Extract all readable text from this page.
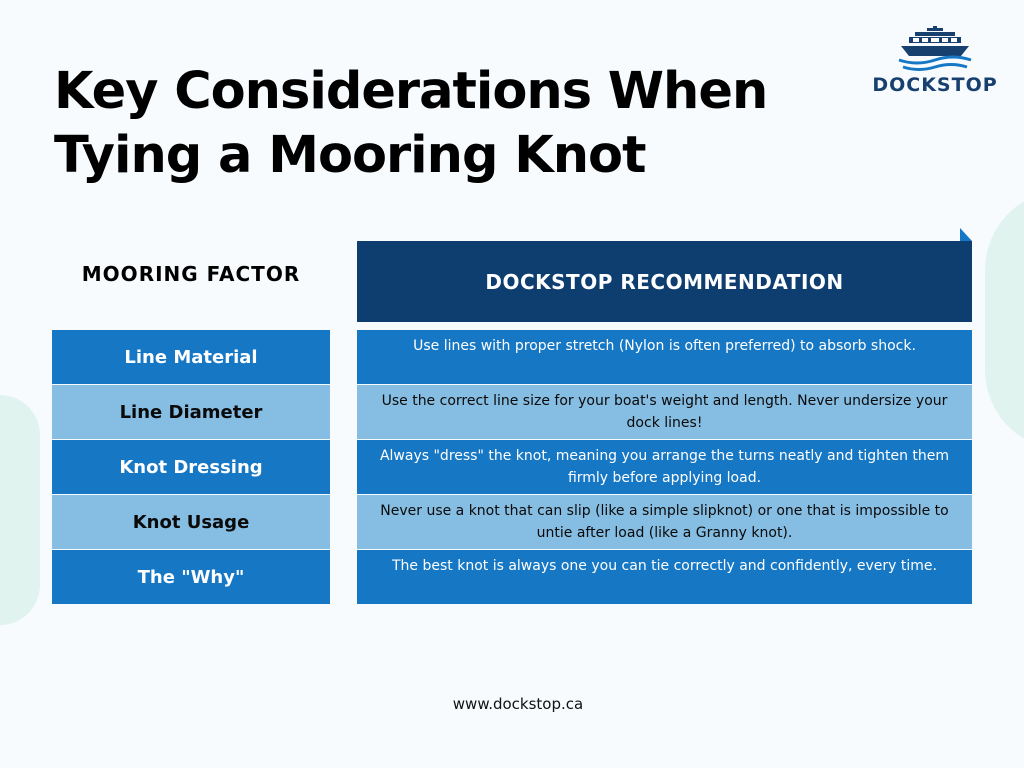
Key Considerations When Tying a Mooring Knot
DOCKSTOP
MOORING FACTOR	DOCKSTOP RECOMMENDATION
Line Material
Use lines with proper stretch (Nylon is often preferred) to absorb shock.
Line Diameter
Use the correct line size for your boat's weight and length. Never undersize your dock lines!
Knot Dressing
Always "dress" the knot, meaning you arrange the turns neatly and tighten them firmly before applying load.
Knot Usage
Never use a knot that can slip (like a simple slipknot) or one that is impossible to untie after load (like a Granny knot).
The "Why"
The best knot is always one you can tie correctly and confidently, every time.
www.dockstop.ca
